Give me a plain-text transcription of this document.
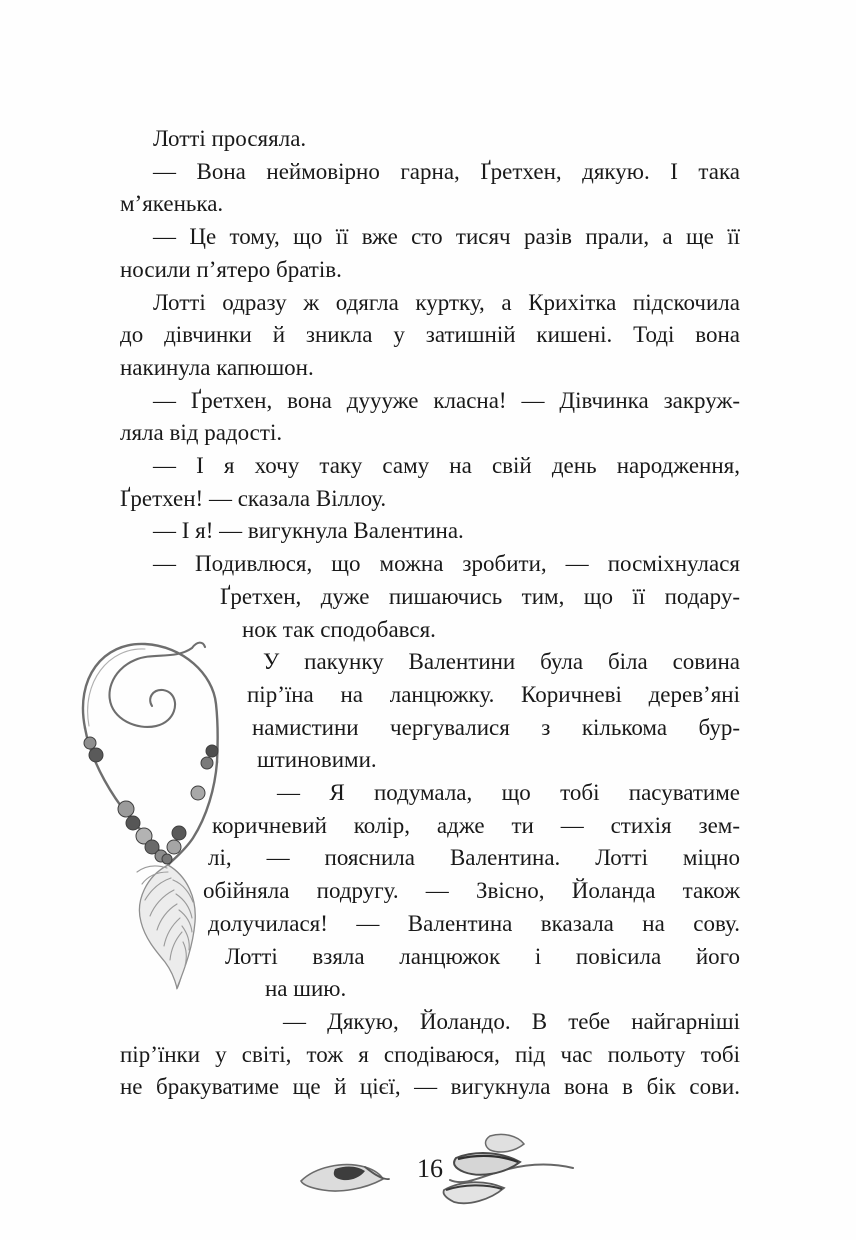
Лотті просяяла.
— Вона неймовірно гарна, Ґретхен, дякую. І така
м’якенька.
— Це тому, що її вже сто тисяч разів прали, а ще її
носили п’ятеро братів.
Лотті одразу ж одягла куртку, а Крихітка підскочила
до дівчинки й зникла у затишній кишені. Тоді вона
накинула капюшон.
— Ґретхен, вона дуууже класна! — Дівчинка закруж-
ляла від радості.
— І я хочу таку саму на свій день народження,
Ґретхен! — сказала Віллоу.
— І я! — вигукнула Валентина.
— Подивлюся, що можна зробити, — посміхнулася
Ґретхен, дуже пишаючись тим, що її подару-
нок так сподобався.
У пакунку Валентини була біла совина
пір’їна на ланцюжку. Коричневі дерев’яні
намистини чергувалися з кількома бур-
штиновими.
— Я подумала, що тобі пасуватиме
коричневий колір, адже ти — стихія зем-
лі, — пояснила Валентина. Лотті міцно
обійняла подругу. — Звісно, Йоланда також
долучилася! — Валентина вказала на сову.
Лотті взяла ланцюжок і повісила його
на шию.
— Дякую, Йоландо. В тебе найгарніші
пір’їнки у світі, тож я сподіваюся, під час польоту тобі
не бракуватиме ще й цієї, — вигукнула вона в бік сови.
16
